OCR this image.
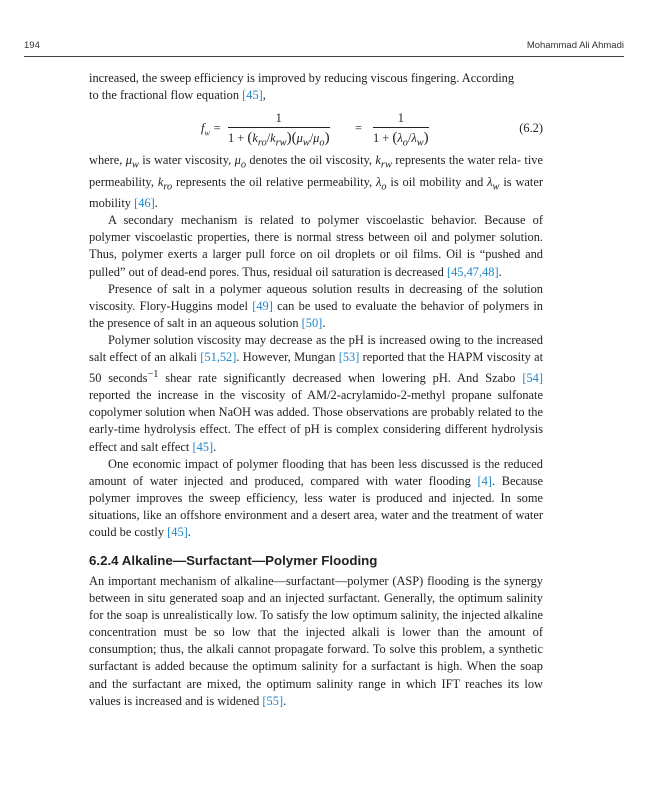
194	Mohammad Ali Ahmadi

increased, the sweep efficiency is improved by reducing viscous fingering. According
to the fractional flow equation [45],

$f_w$ =
1
$1 + (k_{ro}/k_{rw})(\mu_w/\mu_o)$
= $\frac{1}{1 + (\lambda_o/\lambda_w)}$	(6.2)

where, $\mu_w$ is water viscosity, $\mu_o$ denotes the oil viscosity, $k_{rw}$ represents the water rela- tive permeability, $k_{ro}$ represents the oil relative permeability, $\lambda_o$ is oil mobility and $\lambda_w$ is water mobility [46].

A secondary mechanism is related to polymer viscoelastic behavior. Because of polymer viscoelastic properties, there is normal stress between oil and polymer solution. Thus, polymer exerts a larger pull force on oil droplets or oil films. Oil is “pushed and pulled” out of dead-end pores. Thus, residual oil saturation is decreased [45,47,48].

Presence of salt in a polymer aqueous solution results in decreasing of the solution viscosity. Flory-Huggins model [49] can be used to evaluate the behavior of polymers in the presence of salt in an aqueous solution [50].

Polymer solution viscosity may decrease as the pH is increased owing to the increased salt effect of an alkali [51,52]. However, Mungan [53] reported that the HAPM viscosity at 50 seconds$^{-1}$ shear rate significantly decreased when lowering pH. And Szabo [54] reported the increase in the viscosity of AM/2-acrylamido-2-methyl propane sulfonate copolymer solution when NaOH was added. Those observations are probably related to the early-time hydrolysis effect. The effect of pH is complex considering different hydrolysis effect and salt effect [45].

One economic impact of polymer flooding that has been less discussed is the reduced amount of water injected and produced, compared with water flooding [4]. Because polymer improves the sweep efficiency, less water is produced and injected. In some situations, like an offshore environment and a desert area, water and the treatment of water could be costly [45].

6.2.4 Alkaline—Surfactant—Polymer Flooding

An important mechanism of alkaline—surfactant—polymer (ASP) flooding is the synergy between in situ generated soap and an injected surfactant. Generally, the optimum salinity for the soap is unrealistically low. To satisfy the low optimum salinity, the injected alkaline concentration must be so low that the injected alkali is lower than the amount of consumption; thus, the alkali cannot propagate forward. To solve this problem, a synthetic surfactant is added because the optimum salinity for a surfactant is high. When the soap and the surfactant are mixed, the optimum salinity range in which IFT reaches its low values is increased and is widened [55].
